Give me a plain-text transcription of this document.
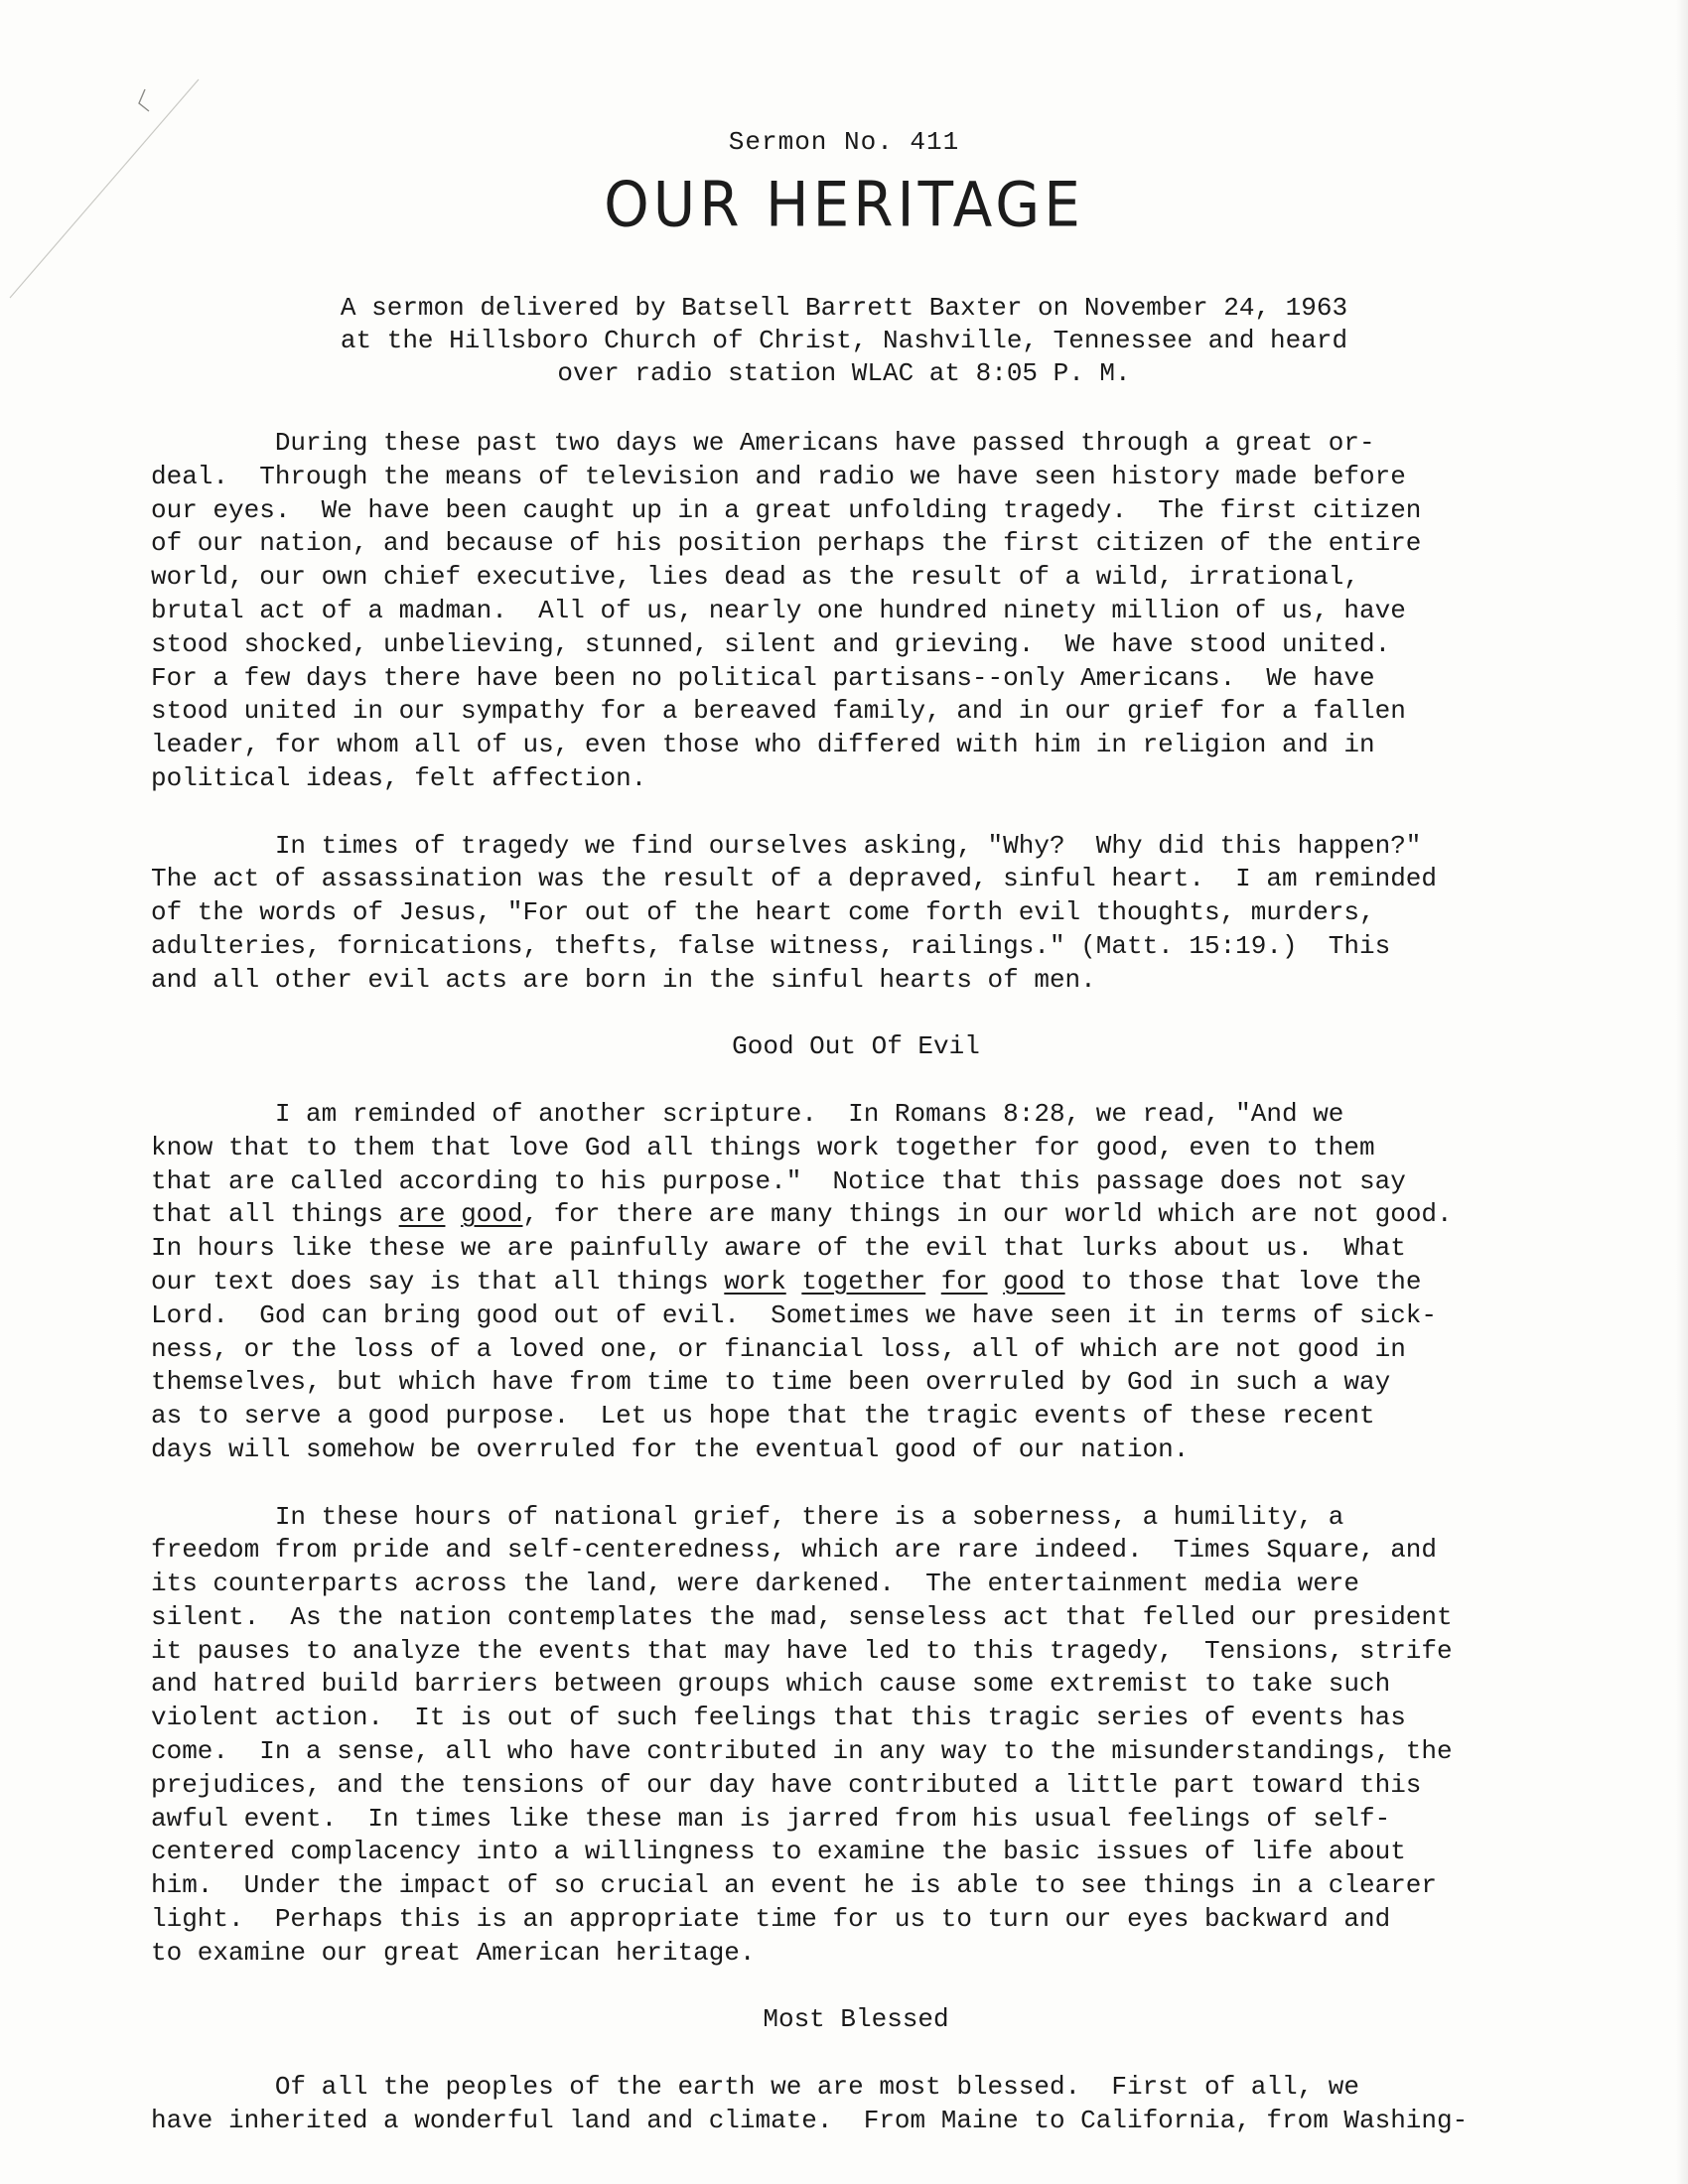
Sermon No. 411

OUR HERITAGE
A sermon delivered by Batsell Barrett Baxter on November 24, 1963
at the Hillsboro Church of Christ, Nashville, Tennessee and heard
over radio station WLAC at 8:05 P. M.
During these past two days we Americans have passed through a great or-
deal.  Through the means of television and radio we have seen history made before
our eyes.  We have been caught up in a great unfolding tragedy.  The first citizen
of our nation, and because of his position perhaps the first citizen of the entire
world, our own chief executive, lies dead as the result of a wild, irrational,
brutal act of a madman.  All of us, nearly one hundred ninety million of us, have
stood shocked, unbelieving, stunned, silent and grieving.  We have stood united.
For a few days there have been no political partisans--only Americans.  We have
stood united in our sympathy for a bereaved family, and in our grief for a fallen
leader, for whom all of us, even those who differed with him in religion and in
political ideas, felt affection.
In times of tragedy we find ourselves asking, "Why?  Why did this happen?"
The act of assassination was the result of a depraved, sinful heart.  I am reminded
of the words of Jesus, "For out of the heart come forth evil thoughts, murders,
adulteries, fornications, thefts, false witness, railings." (Matt. 15:19.)  This
and all other evil acts are born in the sinful hearts of men.
Good Out Of Evil
I am reminded of another scripture.  In Romans 8:28, we read, "And we
know that to them that love God all things work together for good, even to them
that are called according to his purpose."  Notice that this passage does not say
that all things are good, for there are many things in our world which are not good.
In hours like these we are painfully aware of the evil that lurks about us.  What
our text does say is that all things work together for good to those that love the
Lord.  God can bring good out of evil.  Sometimes we have seen it in terms of sick-
ness, or the loss of a loved one, or financial loss, all of which are not good in
themselves, but which have from time to time been overruled by God in such a way
as to serve a good purpose.  Let us hope that the tragic events of these recent
days will somehow be overruled for the eventual good of our nation.
In these hours of national grief, there is a soberness, a humility, a
freedom from pride and self-centeredness, which are rare indeed.  Times Square, and
its counterparts across the land, were darkened.  The entertainment media were
silent.  As the nation contemplates the mad, senseless act that felled our president
it pauses to analyze the events that may have led to this tragedy,  Tensions, strife
and hatred build barriers between groups which cause some extremist to take such
violent action.  It is out of such feelings that this tragic series of events has
come.  In a sense, all who have contributed in any way to the misunderstandings, the
prejudices, and the tensions of our day have contributed a little part toward this
awful event.  In times like these man is jarred from his usual feelings of self-
centered complacency into a willingness to examine the basic issues of life about
him.  Under the impact of so crucial an event he is able to see things in a clearer
light.  Perhaps this is an appropriate time for us to turn our eyes backward and
to examine our great American heritage.
Most Blessed
Of all the peoples of the earth we are most blessed.  First of all, we
have inherited a wonderful land and climate.  From Maine to California, from Washing-
